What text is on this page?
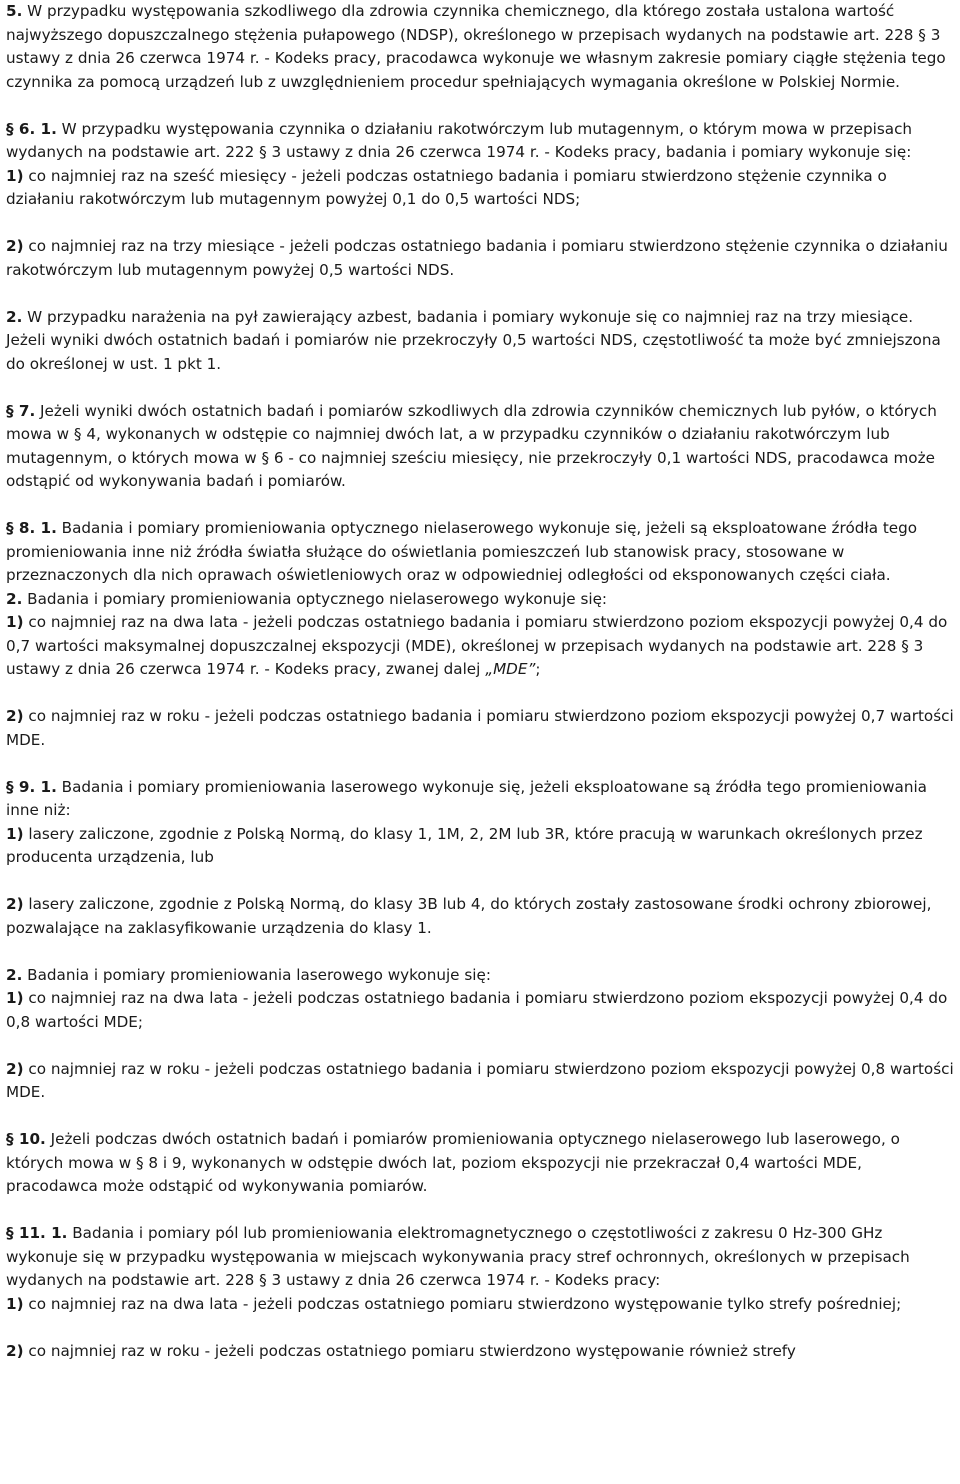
5. W przypadku występowania szkodliwego dla zdrowia czynnika chemicznego, dla którego została ustalona wartość najwyższego dopuszczalnego stężenia pułapowego (NDSP), określonego w przepisach wydanych na podstawie art. 228 § 3 ustawy z dnia 26 czerwca 1974 r. - Kodeks pracy, pracodawca wykonuje we własnym zakresie pomiary ciągłe stężenia tego czynnika za pomocą urządzeń lub z uwzględnieniem procedur spełniających wymagania określone w Polskiej Normie.

§ 6. 1. W przypadku występowania czynnika o działaniu rakotwórczym lub mutagennym, o którym mowa w przepisach wydanych na podstawie art. 222 § 3 ustawy z dnia 26 czerwca 1974 r. - Kodeks pracy, badania i pomiary wykonuje się:

1) co najmniej raz na sześć miesięcy - jeżeli podczas ostatniego badania i pomiaru stwierdzono stężenie czynnika o działaniu rakotwórczym lub mutagennym powyżej 0,1 do 0,5 wartości NDS;

2) co najmniej raz na trzy miesiące - jeżeli podczas ostatniego badania i pomiaru stwierdzono stężenie czynnika o działaniu rakotwórczym lub mutagennym powyżej 0,5 wartości NDS.

2. W przypadku narażenia na pył zawierający azbest, badania i pomiary wykonuje się co najmniej raz na trzy miesiące. Jeżeli wyniki dwóch ostatnich badań i pomiarów nie przekroczyły 0,5 wartości NDS, częstotliwość ta może być zmniejszona do określonej w ust. 1 pkt 1.

§ 7. Jeżeli wyniki dwóch ostatnich badań i pomiarów szkodliwych dla zdrowia czynników chemicznych lub pyłów, o których mowa w § 4, wykonanych w odstępie co najmniej dwóch lat, a w przypadku czynników o działaniu rakotwórczym lub mutagennym, o których mowa w § 6 - co najmniej sześciu miesięcy, nie przekroczyły 0,1 wartości NDS, pracodawca może odstąpić od wykonywania badań i pomiarów.

§ 8. 1. Badania i pomiary promieniowania optycznego nielaserowego wykonuje się, jeżeli są eksploatowane źródła tego promieniowania inne niż źródła światła służące do oświetlania pomieszczeń lub stanowisk pracy, stosowane w przeznaczonych dla nich oprawach oświetleniowych oraz w odpowiedniej odległości od eksponowanych części ciała.

2. Badania i pomiary promieniowania optycznego nielaserowego wykonuje się:

1) co najmniej raz na dwa lata - jeżeli podczas ostatniego badania i pomiaru stwierdzono poziom ekspozycji powyżej 0,4 do 0,7 wartości maksymalnej dopuszczalnej ekspozycji (MDE), określonej w przepisach wydanych na podstawie art. 228 § 3 ustawy z dnia 26 czerwca 1974 r. - Kodeks pracy, zwanej dalej „MDE”;

2) co najmniej raz w roku - jeżeli podczas ostatniego badania i pomiaru stwierdzono poziom ekspozycji powyżej 0,7 wartości MDE.

§ 9. 1. Badania i pomiary promieniowania laserowego wykonuje się, jeżeli eksploatowane są źródła tego promieniowania inne niż:

1) lasery zaliczone, zgodnie z Polską Normą, do klasy 1, 1M, 2, 2M lub 3R, które pracują w warunkach określonych przez producenta urządzenia, lub

2) lasery zaliczone, zgodnie z Polską Normą, do klasy 3B lub 4, do których zostały zastosowane środki ochrony zbiorowej, pozwalające na zaklasyfikowanie urządzenia do klasy 1.

2. Badania i pomiary promieniowania laserowego wykonuje się:

1) co najmniej raz na dwa lata - jeżeli podczas ostatniego badania i pomiaru stwierdzono poziom ekspozycji powyżej 0,4 do 0,8 wartości MDE;

2) co najmniej raz w roku - jeżeli podczas ostatniego badania i pomiaru stwierdzono poziom ekspozycji powyżej 0,8 wartości MDE.

§ 10. Jeżeli podczas dwóch ostatnich badań i pomiarów promieniowania optycznego nielaserowego lub laserowego, o których mowa w § 8 i 9, wykonanych w odstępie dwóch lat, poziom ekspozycji nie przekraczał 0,4 wartości MDE, pracodawca może odstąpić od wykonywania pomiarów.

§ 11. 1. Badania i pomiary pól lub promieniowania elektromagnetycznego o częstotliwości z zakresu 0 Hz-300 GHz wykonuje się w przypadku występowania w miejscach wykonywania pracy stref ochronnych, określonych w przepisach wydanych na podstawie art. 228 § 3 ustawy z dnia 26 czerwca 1974 r. - Kodeks pracy:

1) co najmniej raz na dwa lata - jeżeli podczas ostatniego pomiaru stwierdzono występowanie tylko strefy pośredniej;

2) co najmniej raz w roku - jeżeli podczas ostatniego pomiaru stwierdzono występowanie również strefy
